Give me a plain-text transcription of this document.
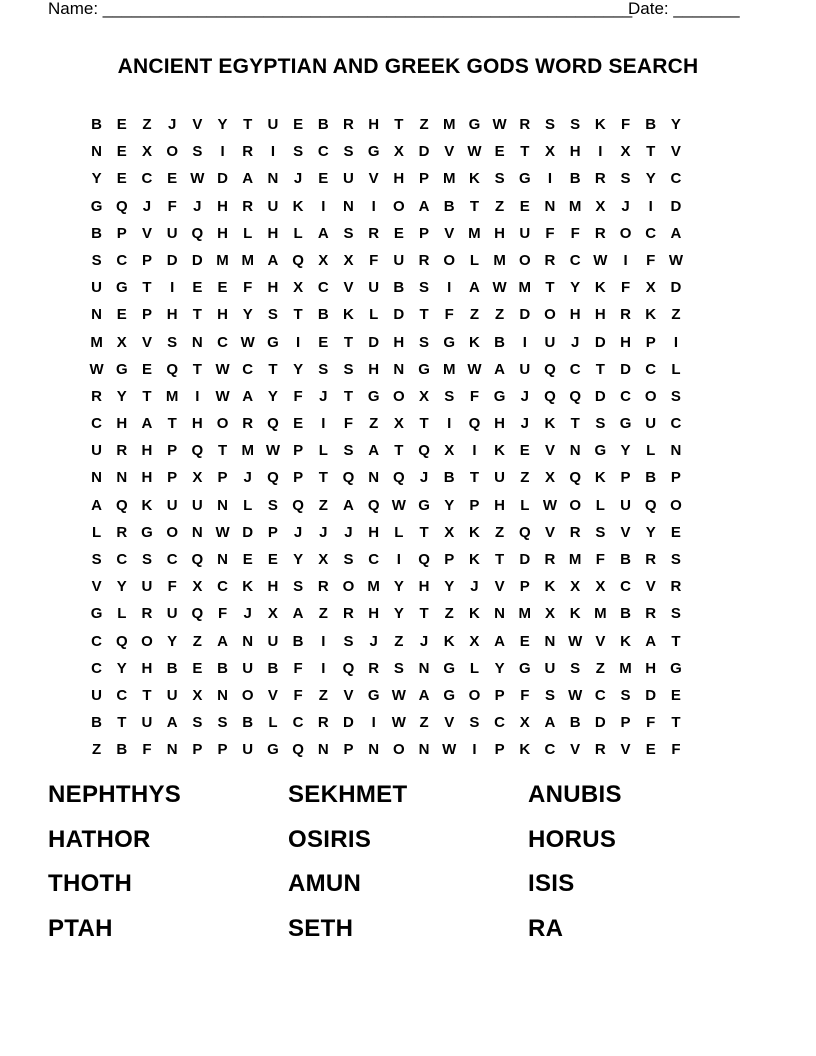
Name: ________________________________________________________
Date: _______
ANCIENT EGYPTIAN AND GREEK GODS WORD SEARCH
B E	Z	J	V	Y	T	U E B R H	T	Z M G W R S	S K	F	B Y
N E	X O S	I	R	I	S C S G X D V W E	T	X H	I	X	T	V
Y	E C E W D A N	J	E U V H P M K S G	I	B R S	Y C
G Q	J	F	J	H R U K	I	N	I	O A B	T	Z	E N M X	J	I	D
B P	V U Q H	L	H	L	A S R E	P	V M H U	F	F	R O C A
S C P D D M M A Q X	X	F	U R O L M O R C W	I	F W
U G T	I	E	E	F	H X C V U B S	I	A W M T	Y K	F	X D
N E	P H	T	H Y	S	T	B K	L	D	T	F	Z	Z	D O H H R K	Z
M X	V	S N C W G	I	E	T	D H S G K B	I	U	J	D H P	I
W G E Q T W C	T	Y	S	S H N G M W A U Q C	T	D C	L
R Y	T M	I	W A Y	F	J	T G O X	S	F G	J	Q Q D C O S
C H A	T	H O R Q E	I	F	Z	X	T	I	Q H	J	K	T	S G U C
U R H P Q T M W P	L	S A	T Q X	I	K E	V N G Y	L	N
N N H P	X	P	J	Q P	T Q N Q	J	B	T	U	Z	X Q K P B P
A Q K U U N	L	S Q Z	A Q W G Y	P H	L W O L	U Q O
L	R G O N W D P	J	J	J	H	L	T	X K	Z Q V R S	V	Y	E
S C S C Q N E	E	Y	X	S C	I	Q P K	T	D R M F	B R S
V	Y U	F	X C K H S R O M Y H Y	J	V	P K X	X C V R
G L	R U Q F	J	X A	Z	R H Y	T	Z	K N M X K M B R S
C Q O Y	Z	A N U B	I	S	J	Z	J	K X A E N W V K A	T
C Y H B E B U B	F	I	Q R S N G L	Y G U S	Z M H G
U C	T	U X N O V	F	Z	V G W A G O P	F	S W C S D E
B	T	U A S	S B	L	C R D	I	W Z	V	S C X A B D P	F	T
Z	B	F	N P	P U G Q N P N O N W	I	P K C V R V	E	F
NEPHTHYS	SEKHMET	ANUBIS
HATHOR	OSIRIS	HORUS
THOTH	AMUN	ISIS
PTAH	SETH	RA
